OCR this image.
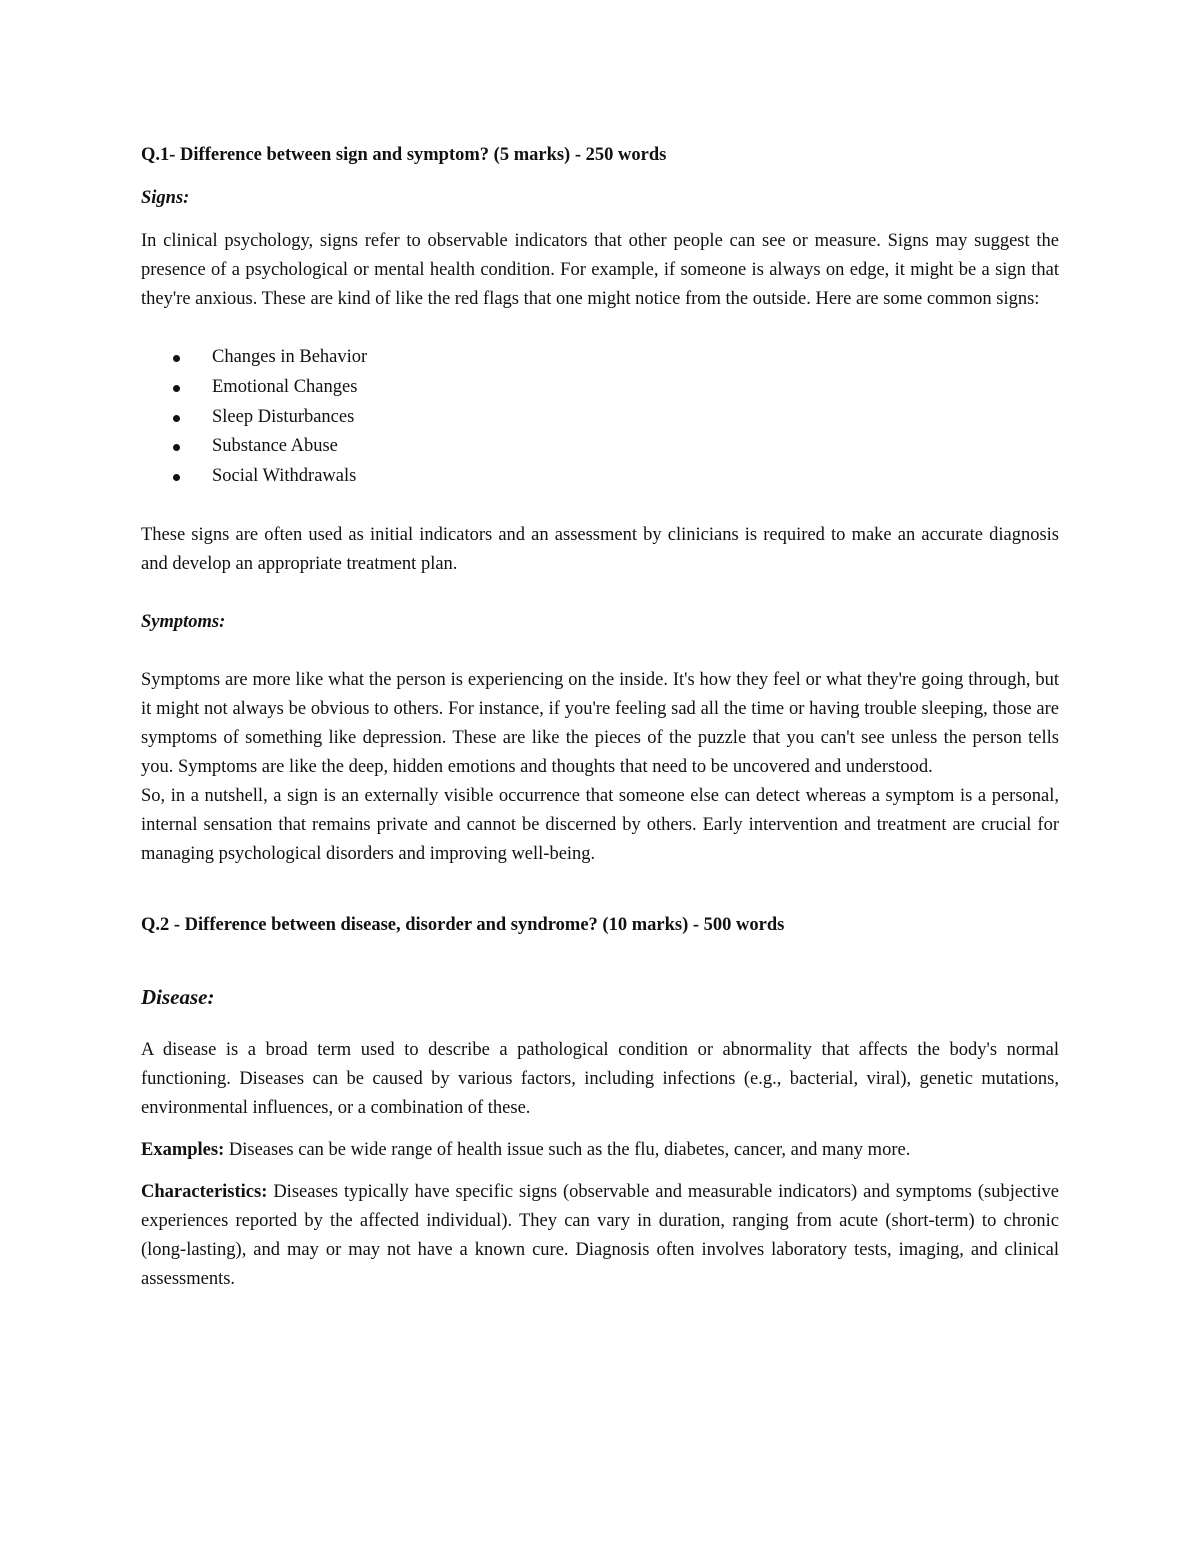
Q.1- Difference between sign and symptom? (5 marks) - 250 words

Signs:

In clinical psychology, signs refer to observable indicators that other people can see or measure. Signs may suggest the presence of a psychological or mental health condition. For example, if someone is always on edge, it might be a sign that they're anxious. These are kind of like the red flags that one might notice from the outside. Here are some common signs:

Changes in Behavior
Emotional Changes
Sleep Disturbances
Substance Abuse
Social Withdrawals

These signs are often used as initial indicators and an assessment by clinicians is required to make an accurate diagnosis and develop an appropriate treatment plan.

Symptoms:

Symptoms are more like what the person is experiencing on the inside. It's how they feel or what they're going through, but it might not always be obvious to others. For instance, if you're feeling sad all the time or having trouble sleeping, those are symptoms of something like depression. These are like the pieces of the puzzle that you can't see unless the person tells you. Symptoms are like the deep, hidden emotions and thoughts that need to be uncovered and understood.

So, in a nutshell, a sign is an externally visible occurrence that someone else can detect whereas a symptom is a personal, internal sensation that remains private and cannot be discerned by others. Early intervention and treatment are crucial for managing psychological disorders and improving well-being.

Q.2 - Difference between disease, disorder and syndrome? (10 marks) - 500 words

Disease:

A disease is a broad term used to describe a pathological condition or abnormality that affects the body's normal functioning. Diseases can be caused by various factors, including infections (e.g., bacterial, viral), genetic mutations, environmental influences, or a combination of these.

Examples: Diseases can be wide range of health issue such as the flu, diabetes, cancer, and many more.

Characteristics: Diseases typically have specific signs (observable and measurable indicators) and symptoms (subjective experiences reported by the affected individual). They can vary in duration, ranging from acute (short-term) to chronic (long-lasting), and may or may not have a known cure. Diagnosis often involves laboratory tests, imaging, and clinical assessments.
